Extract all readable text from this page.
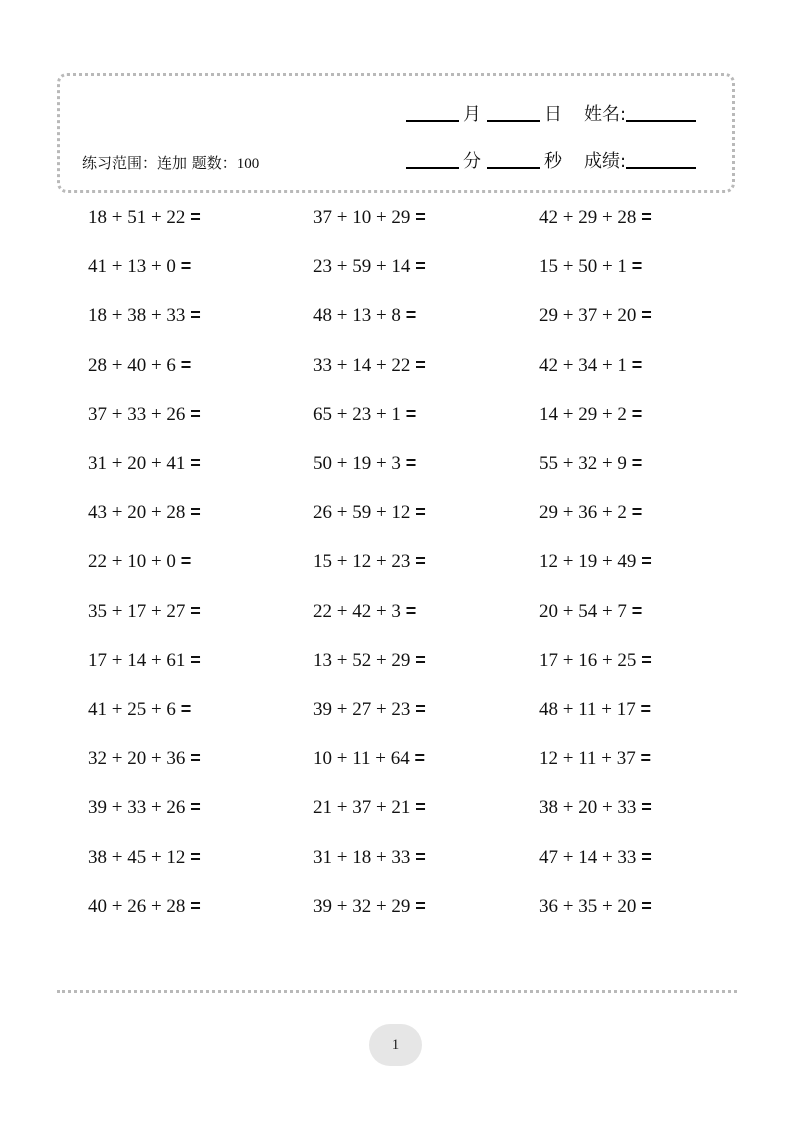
月	日 姓名:
练习范围：连加 题数：100	分	秒 成绩:
18 + 51 + 22 =	37 + 10 + 29 =	42 + 29 + 28 =
41 + 13 + 0 =	23 + 59 + 14 =	15 + 50 + 1 =
18 + 38 + 33 =	48 + 13 + 8 =	29 + 37 + 20 =
28 + 40 + 6 =	33 + 14 + 22 =	42 + 34 + 1 =
37 + 33 + 26 =	65 + 23 + 1 =	14 + 29 + 2 =
31 + 20 + 41 =	50 + 19 + 3 =	55 + 32 + 9 =
43 + 20 + 28 =	26 + 59 + 12 =	29 + 36 + 2 =
22 + 10 + 0 =	15 + 12 + 23 =	12 + 19 + 49 =
35 + 17 + 27 =	22 + 42 + 3 =	20 + 54 + 7 =
17 + 14 + 61 =	13 + 52 + 29 =	17 + 16 + 25 =
41 + 25 + 6 =	39 + 27 + 23 =	48 + 11 + 17 =
32 + 20 + 36 =	10 + 11 + 64 =	12 + 11 + 37 =
39 + 33 + 26 =	21 + 37 + 21 =	38 + 20 + 33 =
38 + 45 + 12 =	31 + 18 + 33 =	47 + 14 + 33 =
40 + 26 + 28 =	39 + 32 + 29 =	36 + 35 + 20 =
1
